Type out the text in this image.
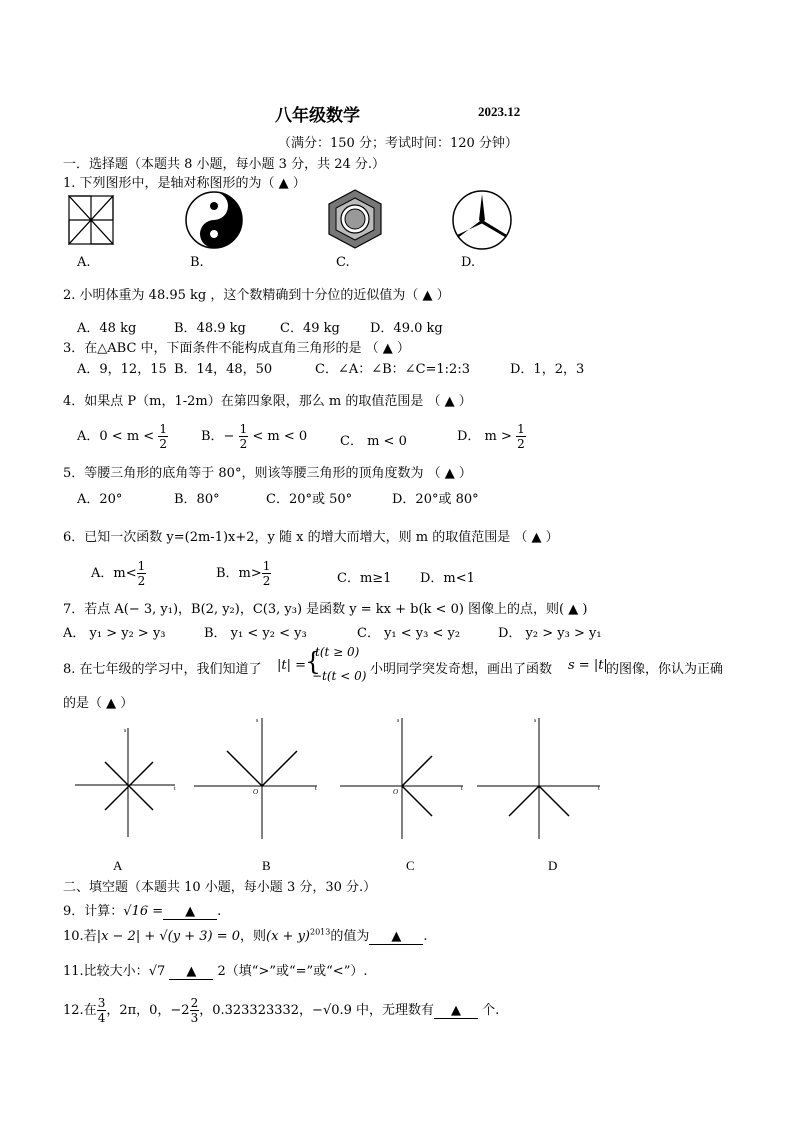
八年级数学	2023.12
（满分：150 分；考试时间：120 分钟）
一．选择题（本题共 8 小题，每小题 3 分，共 24 分.）
1. 下列图形中，是轴对称图形的为（ ▲ ）
A.	B.	C.	D.
2. 小明体重为 48.95 kg ，这个数精确到十分位的近似值为（ ▲ ）
A．48 kg	B．48.9 kg	C．49 kg D．49.0 kg
3．在△ABC 中，下面条件不能构成直角三角形的是 （ ▲ ）
A．9，12，15 B．14，48，50	C．∠A：∠B：∠C=1:2:3	D．1，2，3
4．如果点 P（m，1-2m）在第四象限，那么 m 的取值范围是 （ ▲ ）
A．$0 < m < \frac{1}{2}$	B．− $\frac{1}{2} < m < 0$	C． m < 0	D． $m > \frac{1}{2}$
5．等腰三角形的底角等于 80°，则该等腰三角形的顶角度数为 （ ▲ ）
A．20°	B．80°	C．20°或 50°	D．20°或 80°
6．已知一次函数 y=(2m-1)x+2，y 随 x 的增大而增大，则 m 的取值范围是 （ ▲ ）
A．$m< \frac{1}{2}$	B．$m> \frac{1}{2}$	C．m≥1 D．m<1
7．若点 A(− 3, y₁)，B(2, y₂)，C(3, y₃) 是函数 y = kx + b(k < 0) 图像上的点，则( ▲ )
A． y₁ > y₂ > y₃	B． y₁ < y₂ < y₃	C． y₁ < y₃ < y₂	D． y₂ > y₃ > y₁
8. 在七年级的学习中，我们知道了 |t| =
{
t(t ≥ 0)
−t(t < 0) 小明同学突发奇想，画出了函数 s = |t|
的图像，你认为正确
的是（ ▲ ）
s
t
s
O	t
s
O	t
s
t
A	B	C	D
二、填空题（本题共 10 小题，每小题 3 分，30 分.）
9．计算：√16 = ▲ .
10.若|x − 2| + √(y + 3) = 0，则$(x + y)^{2013}$的值为 ▲ .
11.比较大小：√7 ▲ 2（填“>”或“=”或“<”）.
12.在 $\frac{3}{4}$ ，2π，0，$-2 \frac{2}{3}$ ，0.323323332，−√0.9 中，无理数有 ▲ 个.
